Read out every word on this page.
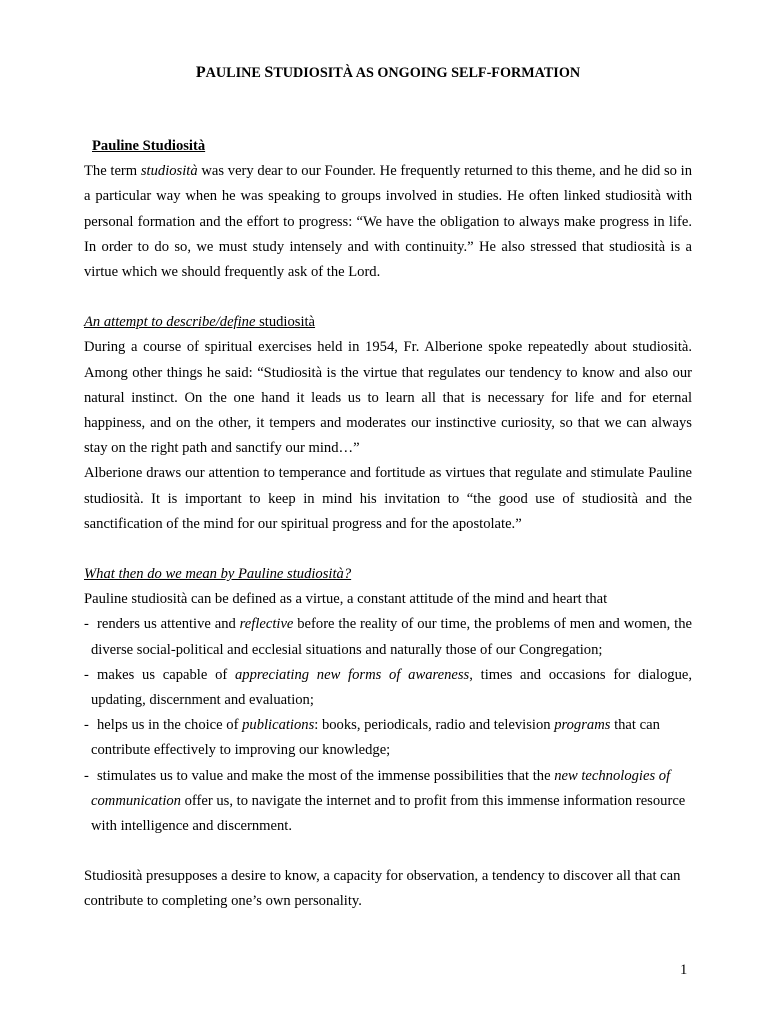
PAULINE STUDIOSITÀ AS ONGOING SELF-FORMATION

Pauline Studiosità

The term studiosità was very dear to our Founder. He frequently returned to this theme, and he did so in a particular way when he was speaking to groups involved in studies. He often linked studiosità with personal formation and the effort to progress: “We have the obligation to always make progress in life. In order to do so, we must study intensely and with continuity.” He also stressed that studiosità is a virtue which we should frequently ask of the Lord.

An attempt to describe/define studiosità

During a course of spiritual exercises held in 1954, Fr. Alberione spoke repeatedly about studiosità. Among other things he said: “Studiosità is the virtue that regulates our tendency to know and also our natural instinct. On the one hand it leads us to learn all that is necessary for life and for eternal happiness, and on the other, it tempers and moderates our instinctive curiosity, so that we can always stay on the right path and sanctify our mind…”

Alberione draws our attention to temperance and fortitude as virtues that regulate and stimulate Pauline studiosità. It is important to keep in mind his invitation to “the good use of studiosità and the sanctification of the mind for our spiritual progress and for the apostolate.”

What then do we mean by Pauline studiosità?

Pauline studiosità can be defined as a virtue, a constant attitude of the mind and heart that

- renders us attentive and reflective before the reality of our time, the problems of men and women, the diverse social-political and ecclesial situations and naturally those of our Congregation;

- makes us capable of appreciating new forms of awareness, times and occasions for dialogue, updating, discernment and evaluation;

- helps us in the choice of publications: books, periodicals, radio and television programs that can contribute effectively to improving our knowledge;

- stimulates us to value and make the most of the immense possibilities that the new technologies of communication offer us, to navigate the internet and to profit from this immense information resource with intelligence and discernment.

Studiosità presupposes a desire to know, a capacity for observation, a tendency to discover all that can contribute to completing one’s own personality.

1
